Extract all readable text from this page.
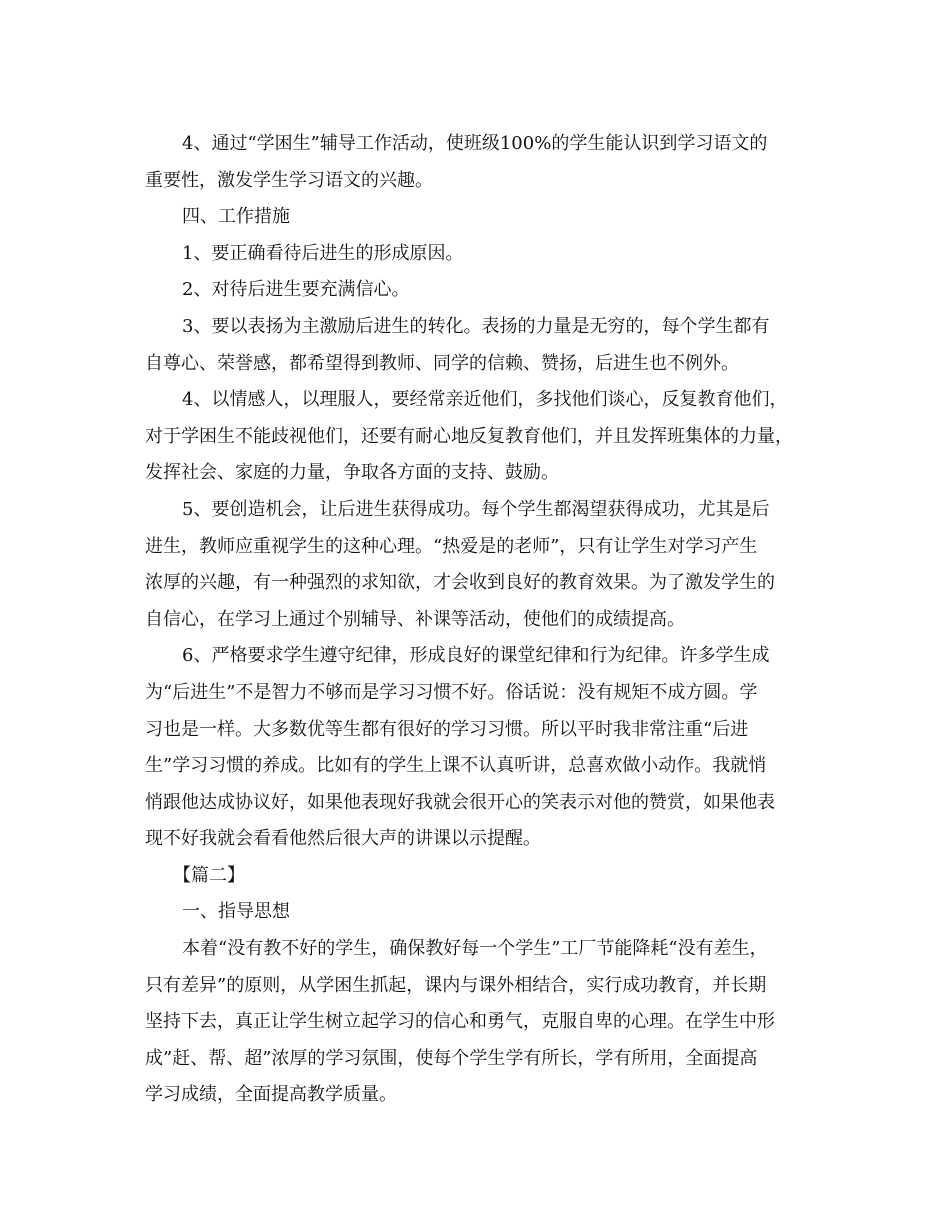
4、通过“学困生”辅导工作活动，使班级100%的学生能认识到学习语文的
重要性，激发学生学习语文的兴趣。
四、工作措施
1、要正确看待后进生的形成原因。
2、对待后进生要充满信心。
3、要以表扬为主激励后进生的转化。表扬的力量是无穷的，每个学生都有
自尊心、荣誉感，都希望得到教师、同学的信赖、赞扬，后进生也不例外。
4、以情感人，以理服人，要经常亲近他们，多找他们谈心，反复教育他们，
对于学困生不能歧视他们，还要有耐心地反复教育他们，并且发挥班集体的力量，
发挥社会、家庭的力量，争取各方面的支持、鼓励。
5、要创造机会，让后进生获得成功。每个学生都渴望获得成功，尤其是后
进生，教师应重视学生的这种心理。“热爱是的老师”，只有让学生对学习产生
浓厚的兴趣，有一种强烈的求知欲，才会收到良好的教育效果。为了激发学生的
自信心，在学习上通过个别辅导、补课等活动，使他们的成绩提高。
6、严格要求学生遵守纪律，形成良好的课堂纪律和行为纪律。许多学生成
为“后进生”不是智力不够而是学习习惯不好。俗话说：没有规矩不成方圆。学
习也是一样。大多数优等生都有很好的学习习惯。所以平时我非常注重“后进
生”学习习惯的养成。比如有的学生上课不认真听讲，总喜欢做小动作。我就悄
悄跟他达成协议好，如果他表现好我就会很开心的笑表示对他的赞赏，如果他表
现不好我就会看看他然后很大声的讲课以示提醒。
【篇二】
一、指导思想
本着“没有教不好的学生，确保教好每一个学生”工厂节能降耗“没有差生，
只有差异”的原则，从学困生抓起，课内与课外相结合，实行成功教育，并长期
坚持下去，真正让学生树立起学习的信心和勇气，克服自卑的心理。在学生中形
成”赶、帮、超”浓厚的学习氛围，使每个学生学有所长，学有所用，全面提高
学习成绩，全面提高教学质量。
